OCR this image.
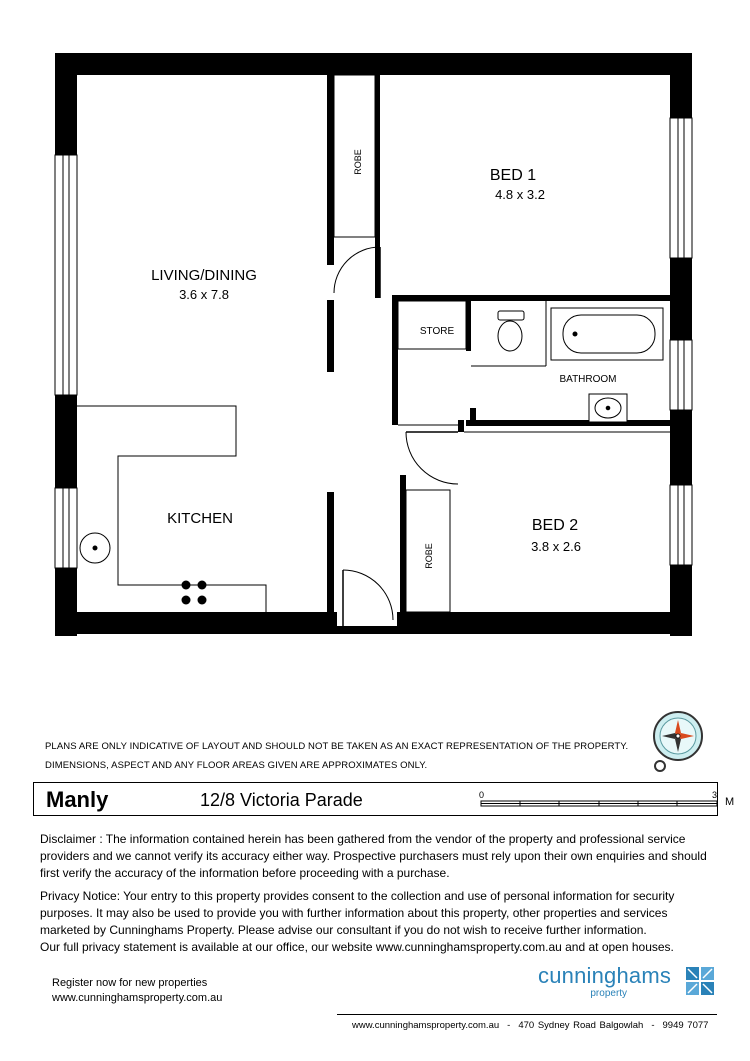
BED 1
4.8 x 3.2
LIVING/DINING
3.6 x 7.8
KITCHEN	BED 2
3.8 x 2.6
STORE
BATHROOM
ROBE
ROBE
PLANS ARE ONLY INDICATIVE OF LAYOUT AND SHOULD NOT BE TAKEN AS AN EXACT REPRESENTATION OF THE PROPERTY.
DIMENSIONS, ASPECT AND ANY FLOOR AREAS GIVEN ARE APPROXIMATES ONLY.
Manly	12/8 Victoria Parade	0	3
M

Disclaimer : The information contained herein has been gathered from the vendor of the property and professional service providers and we cannot verify its accuracy either way. Prospective purchasers must rely upon their own enquiries and should first verify the accuracy of the information before proceeding with a purchase.

Privacy Notice: Your entry to this property provides consent to the collection and use of personal information for security purposes. It may also be used to provide you with further information about this property, other properties and services marketed by Cunninghams Property. Please advise our consultant if you do not wish to receive further information.

Our full privacy statement is available at our office, our website www.cunninghamsproperty.com.au and at open houses.

Register now for new properties
www.cunninghamsproperty.com.au
cunninghams
property
www.cunninghamsproperty.com.au - 470 Sydney Road Balgowlah - 9949 7077
